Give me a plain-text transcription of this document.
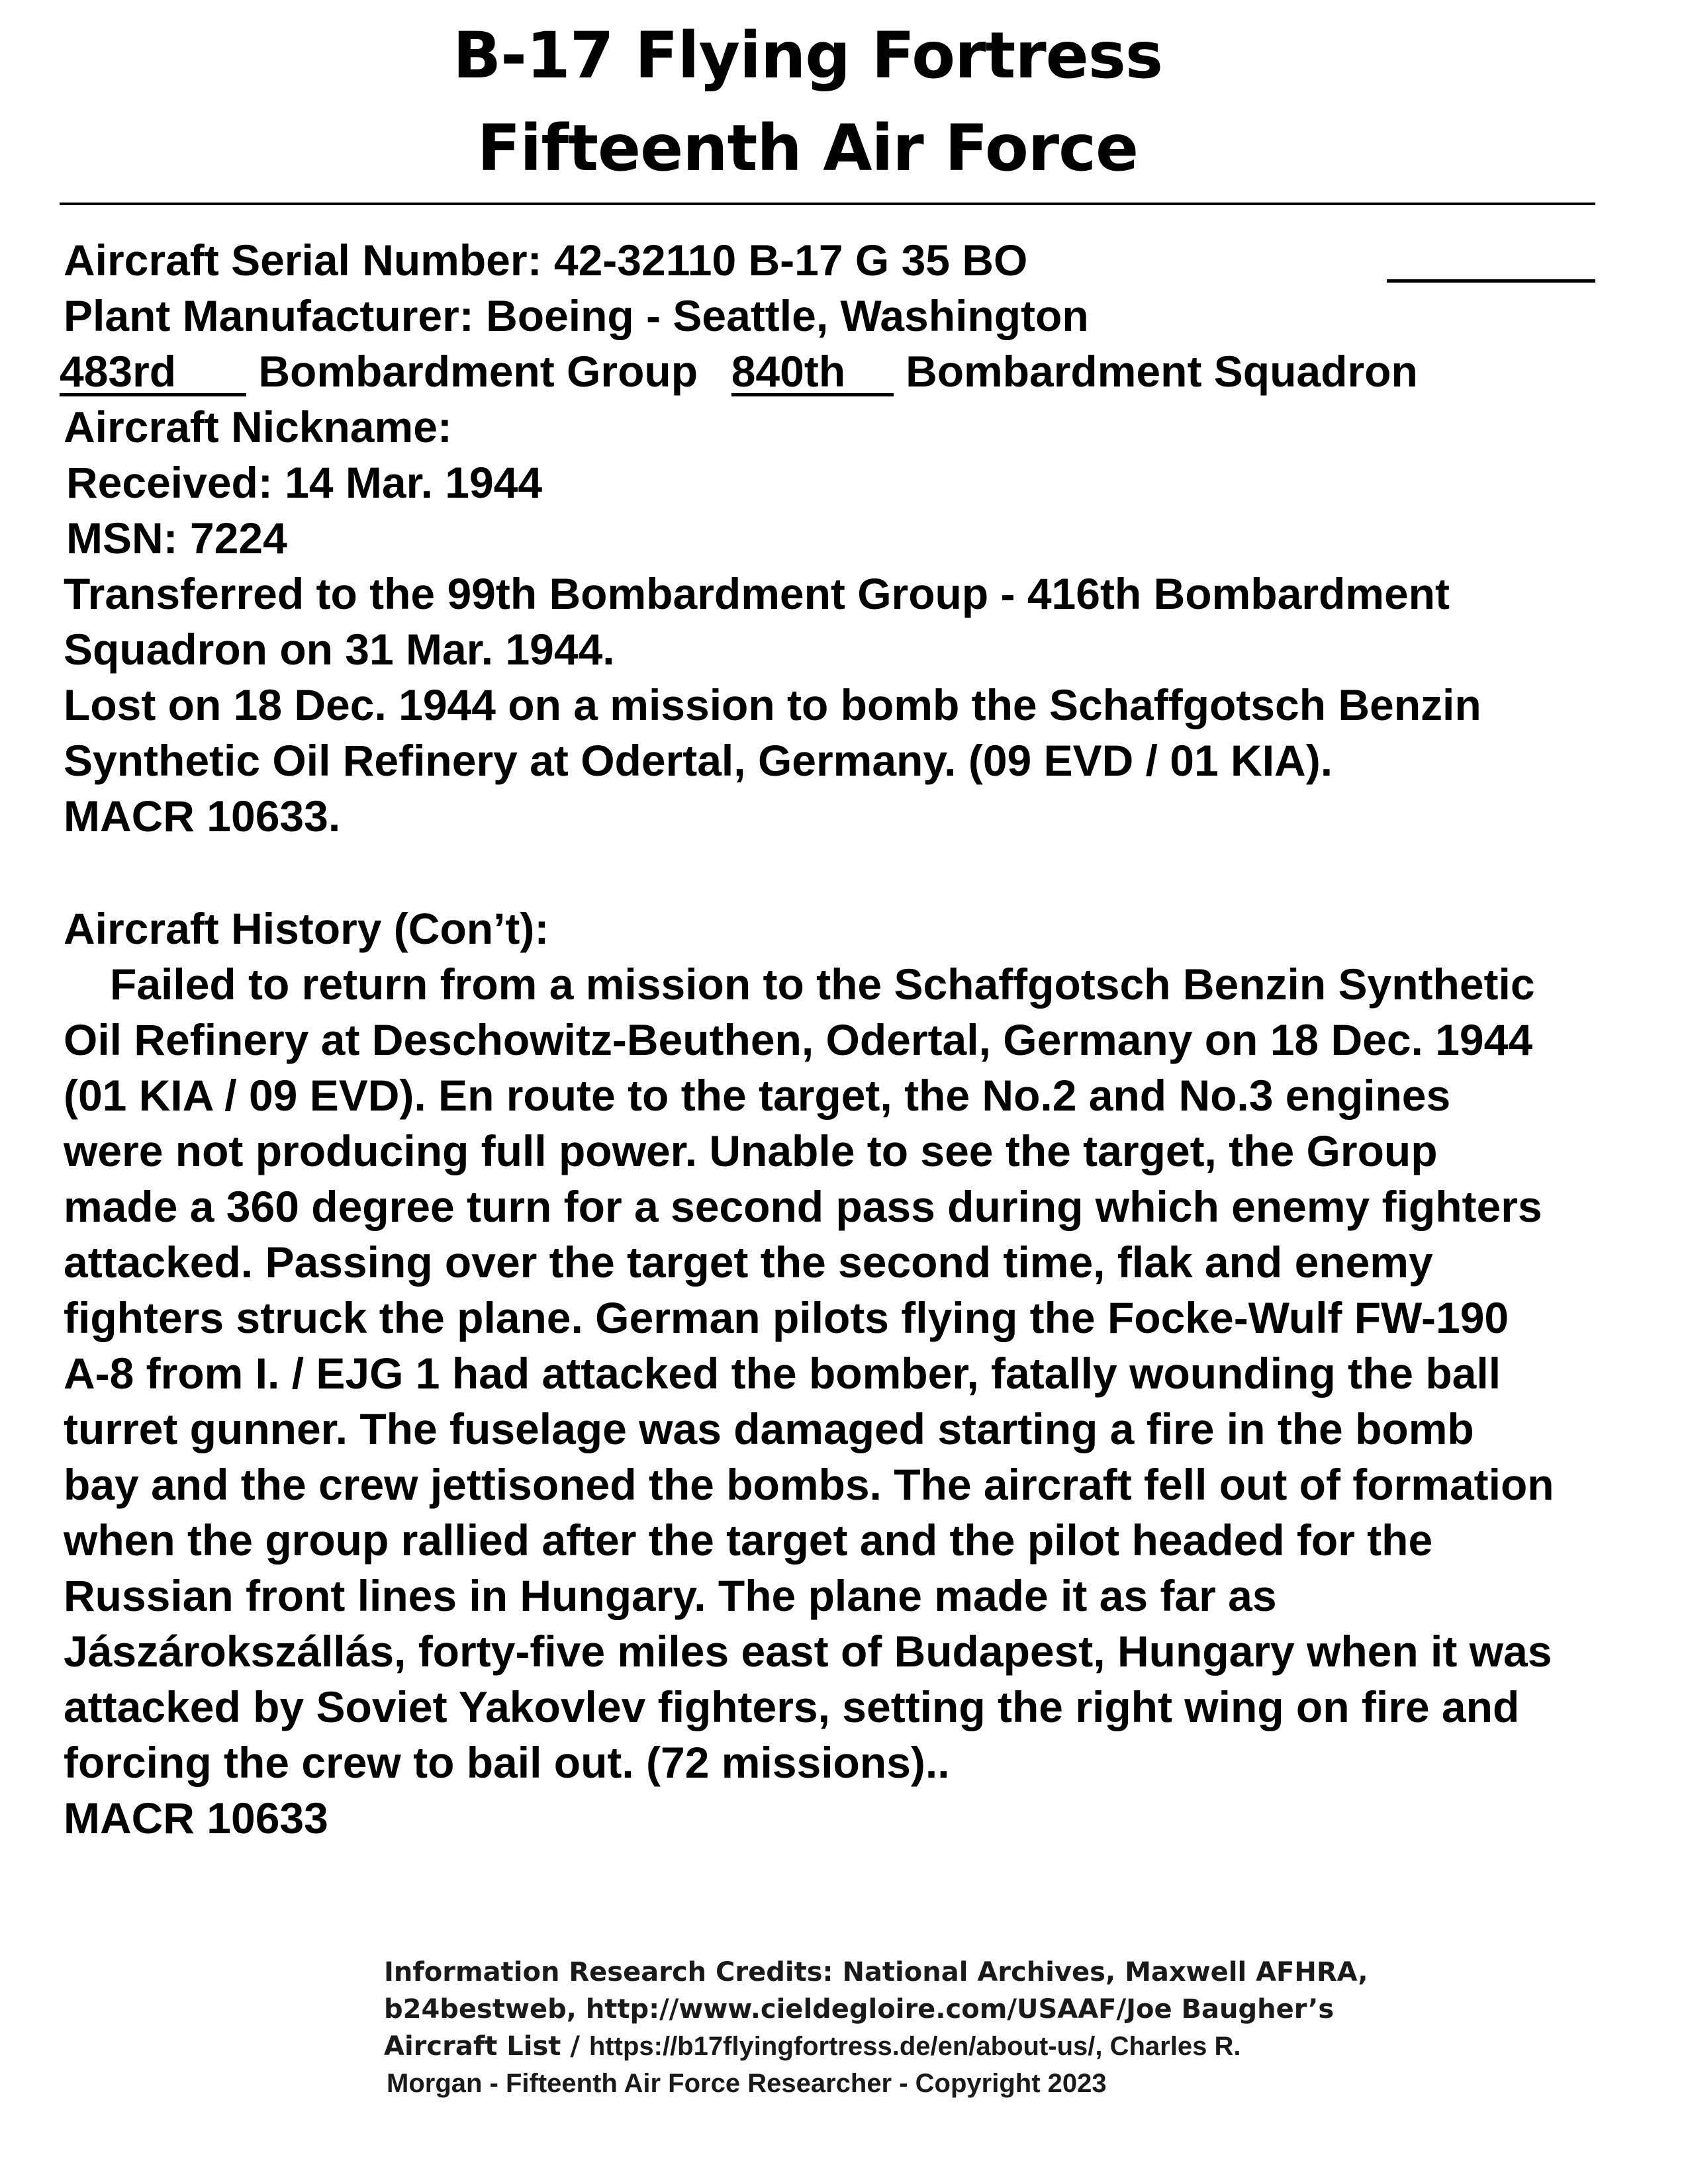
B-17 Flying Fortress
Fifteenth Air Force
Aircraft Serial Number: 42-32110 B-17 G 35 BO
Plant Manufacturer: Boeing - Seattle, Washington
483rd Bombardment Group 840th Bombardment Squadron
Aircraft Nickname:
Received: 14 Mar. 1944
MSN: 7224
Transferred to the 99th Bombardment Group - 416th Bombardment
Squadron on 31 Mar. 1944.
Lost on 18 Dec. 1944 on a mission to bomb the Schaffgotsch Benzin
Synthetic Oil Refinery at Odertal, Germany. (09 EVD / 01 KIA).
MACR 10633.
Aircraft History (Con’t):
Failed to return from a mission to the Schaffgotsch Benzin Synthetic
Oil Refinery at Deschowitz-Beuthen, Odertal, Germany on 18 Dec. 1944
(01 KIA / 09 EVD). En route to the target, the No.2 and No.3 engines
were not producing full power. Unable to see the target, the Group
made a 360 degree turn for a second pass during which enemy fighters
attacked. Passing over the target the second time, flak and enemy
fighters struck the plane. German pilots flying the Focke-Wulf FW-190
A-8 from I. / EJG 1 had attacked the bomber, fatally wounding the ball
turret gunner. The fuselage was damaged starting a fire in the bomb
bay and the crew jettisoned the bombs. The aircraft fell out of formation
when the group rallied after the target and the pilot headed for the
Russian front lines in Hungary. The plane made it as far as
Jászárokszállás, forty-five miles east of Budapest, Hungary when it was
attacked by Soviet Yakovlev fighters, setting the right wing on fire and
forcing the crew to bail out. (72 missions)..
MACR 10633
Information Research Credits: National Archives, Maxwell AFHRA,
b24bestweb, http://www.cieldegloire.com/USAAF/Joe Baugher’s
Aircraft List / https://b17flyingfortress.de/en/about-us/, Charles R.
Morgan - Fifteenth Air Force Researcher - Copyright 2023
